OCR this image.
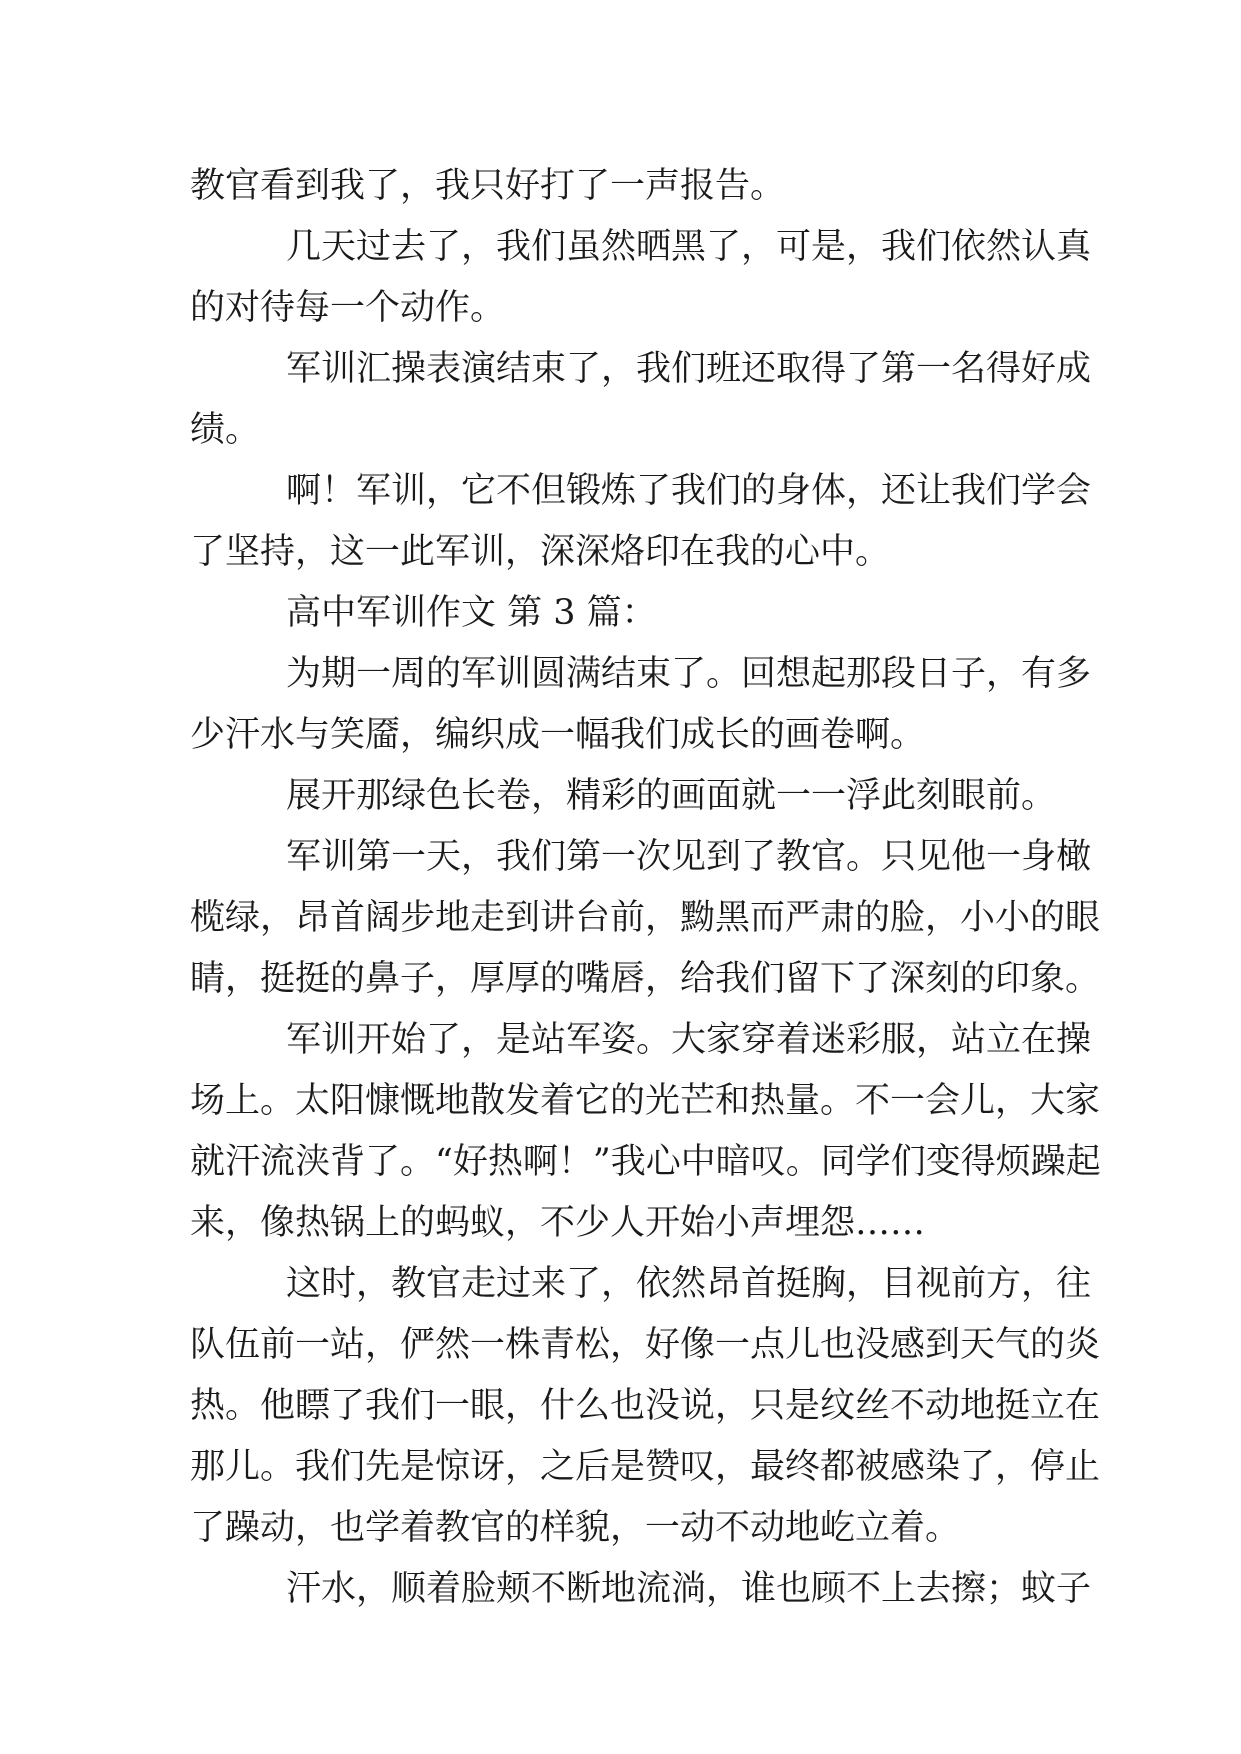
教官看到我了，我只好打了一声报告。
几天过去了，我们虽然晒黑了，可是，我们依然认真
的对待每一个动作。
军训汇操表演结束了，我们班还取得了第一名得好成
绩。
啊！军训，它不但锻炼了我们的身体，还让我们学会
了坚持，这一此军训，深深烙印在我的心中。
高中军训作文 第 3 篇：
为期一周的军训圆满结束了。回想起那段日子，有多
少汗水与笑靥，编织成一幅我们成长的画卷啊。
展开那绿色长卷，精彩的画面就一一浮此刻眼前。
军训第一天，我们第一次见到了教官。只见他一身橄
榄绿，昂首阔步地走到讲台前，黝黑而严肃的脸，小小的眼
睛，挺挺的鼻子，厚厚的嘴唇，给我们留下了深刻的印象。
军训开始了，是站军姿。大家穿着迷彩服，站立在操
场上。太阳慷慨地散发着它的光芒和热量。不一会儿，大家
就汗流浃背了。“好热啊！”我心中暗叹。同学们变得烦躁起
来，像热锅上的蚂蚁，不少人开始小声埋怨……
这时，教官走过来了，依然昂首挺胸，目视前方，往
队伍前一站，俨然一株青松，好像一点儿也没感到天气的炎
热。他瞟了我们一眼，什么也没说，只是纹丝不动地挺立在
那儿。我们先是惊讶，之后是赞叹，最终都被感染了，停止
了躁动，也学着教官的样貌，一动不动地屹立着。
汗水，顺着脸颊不断地流淌，谁也顾不上去擦；蚊子
